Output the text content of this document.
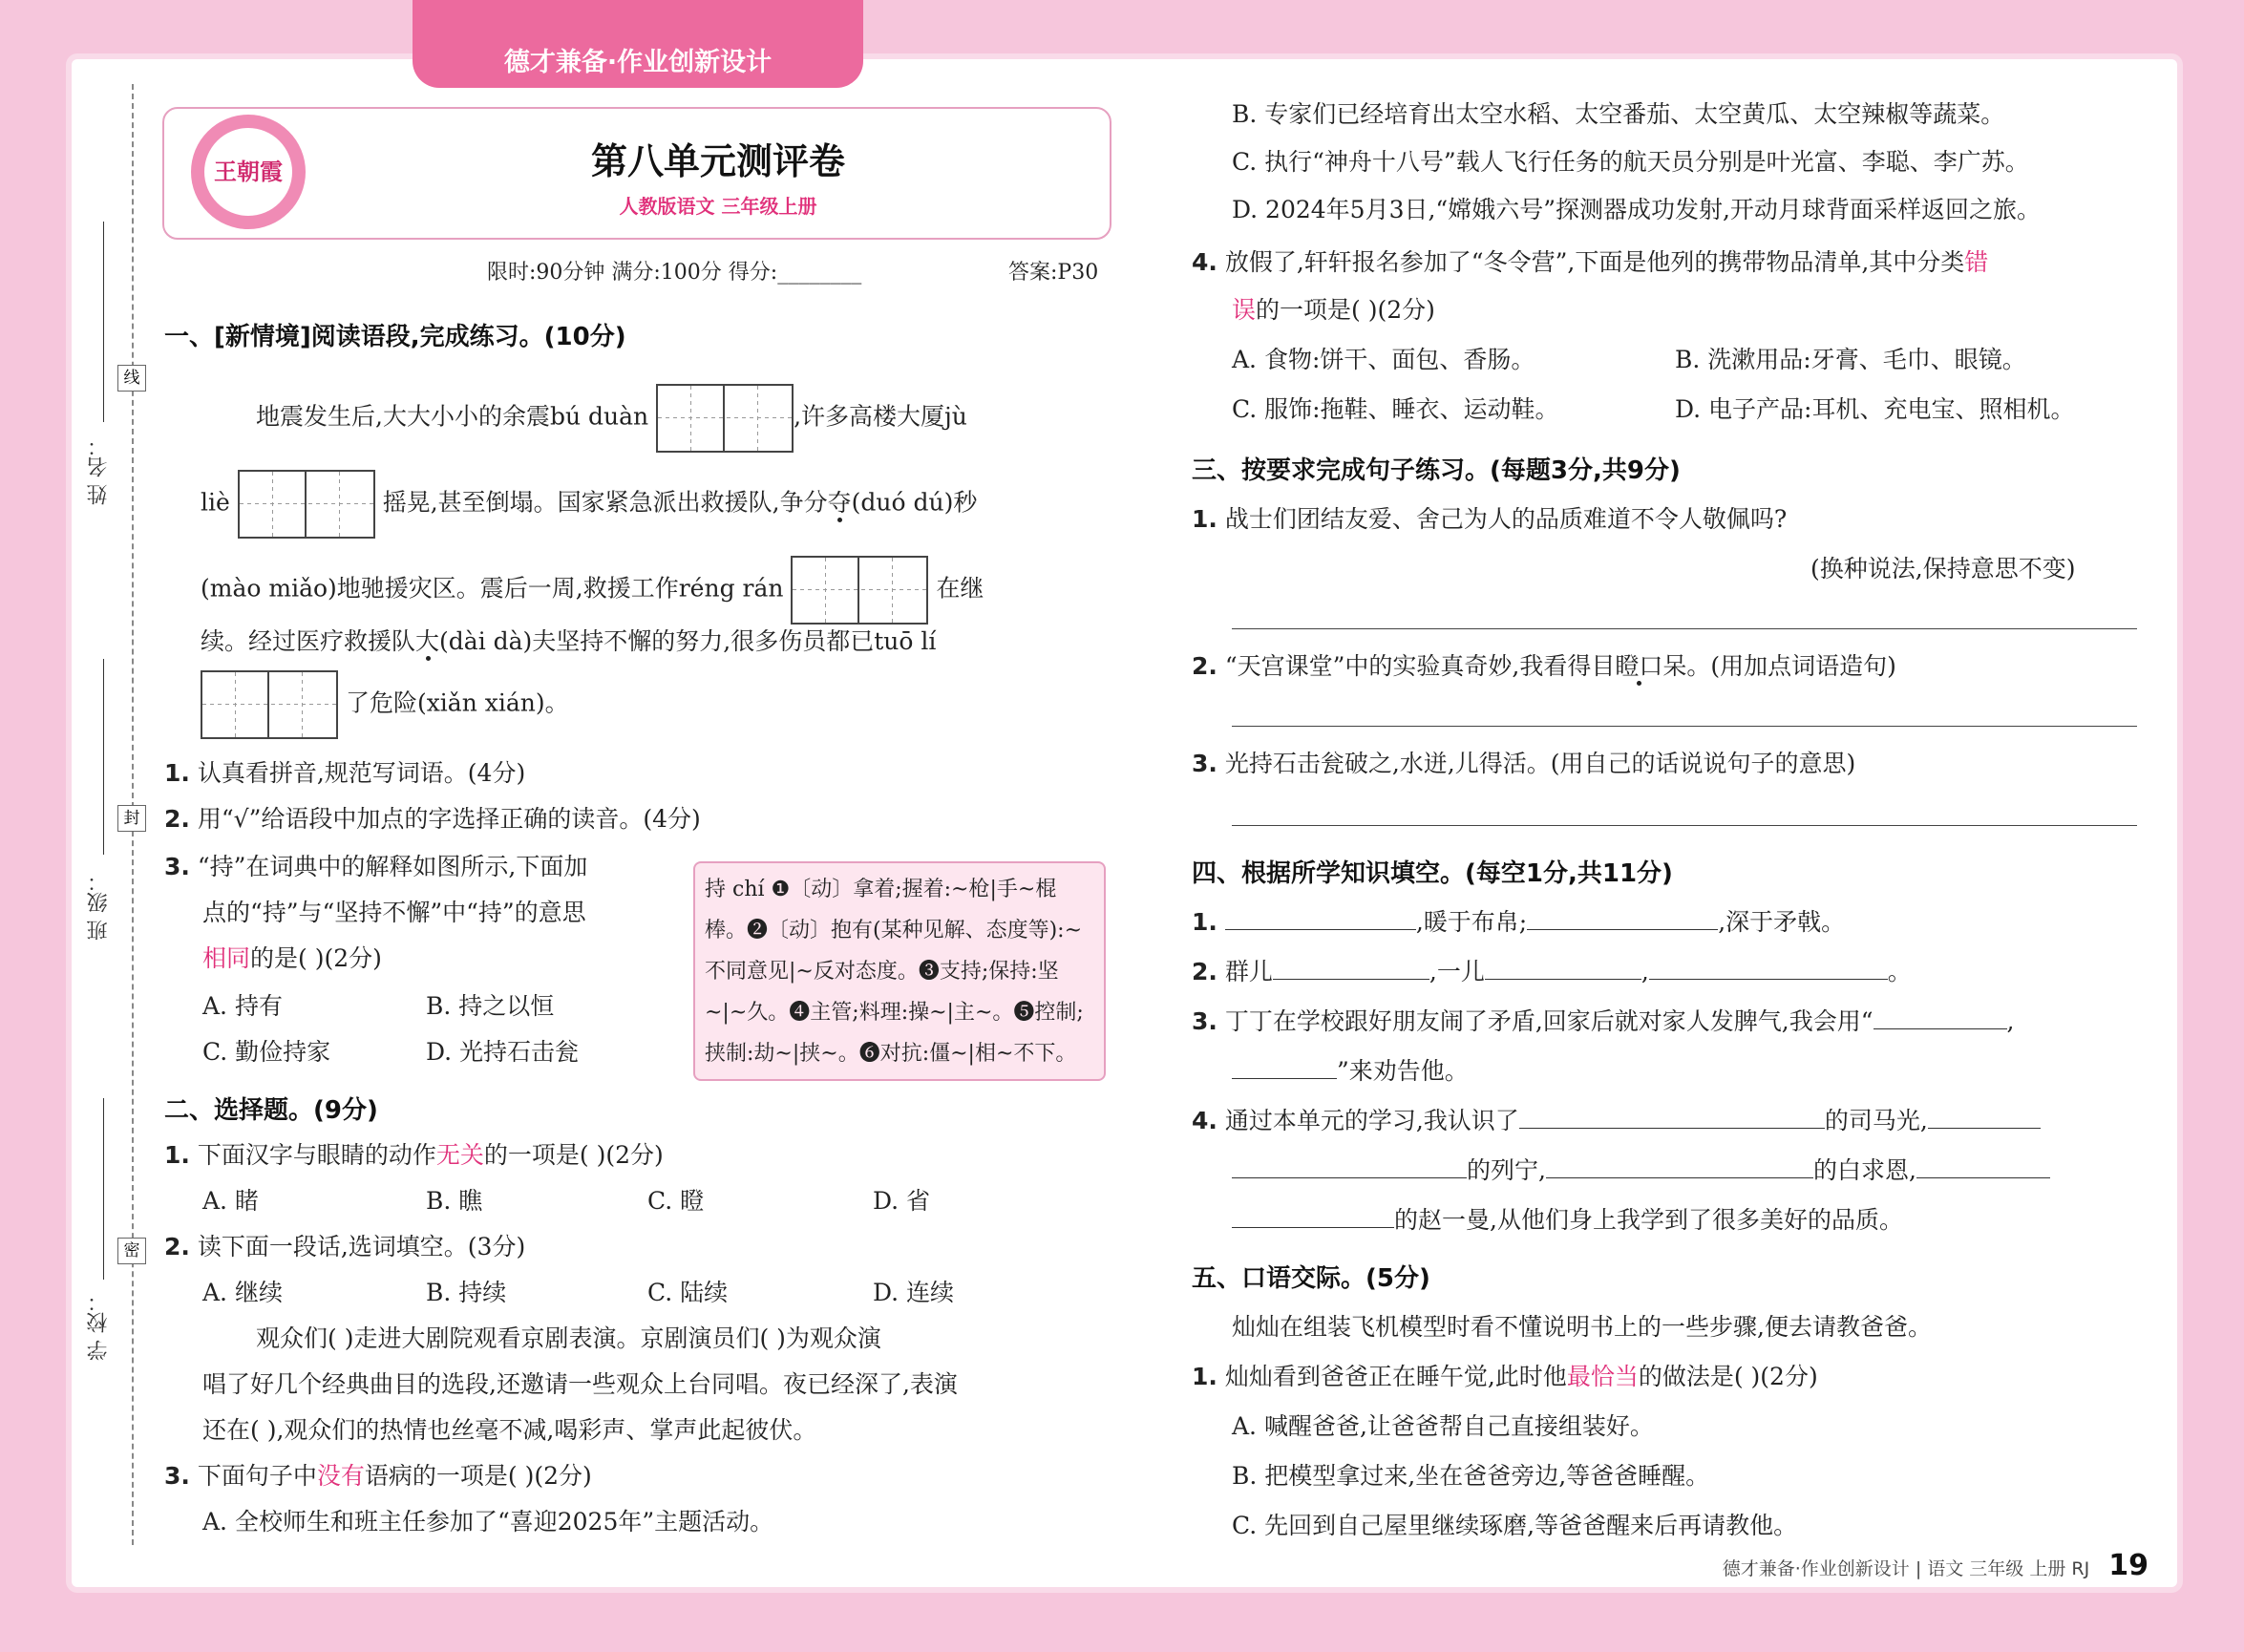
德才兼备·作业创新设计
线
封
密
姓 名：
班 级：
学 校：
王朝霞	第八单元测评卷
人教版语文 三年级上册
限时:90分钟 满分:100分 得分:________	答案:P30
一、[新情境]阅读语段,完成练习。(10分)
地震发生后,大大小小的余震bú duàn	,许多高楼大厦jù
liè	摇晃,甚至倒塌。国家紧急派出救援队,争分夺(duó dú)秒
(mào miǎo)地驰援灾区。震后一周,救援工作réng rán	在继
续。经过医疗救援队大(dài dà)夫坚持不懈的努力,很多伤员都已tuō lí
了危险(xiǎn xián)。
1. 认真看拼音,规范写词语。(4分)
2. 用“√”给语段中加点的字选择正确的读音。(4分)
3. “持”在词典中的解释如图所示,下面加
点的“持”与“坚持不懈”中“持”的意思
相同的是( )(2分)
A. 持有	B. 持之以恒
C. 勤俭持家	D. 光持石击瓮
持 chí ❶〔动〕拿着;握着:~枪|手~棍棒。❷〔动〕抱有(某种见解、态度等):~不同意见|~反对态度。❸支持;保持:坚~|~久。❹主管;料理:操~|主~。❺控制;挟制:劫~|挟~。❻对抗:僵~|相~不下。
二、选择题。(9分)
1. 下面汉字与眼睛的动作无关的一项是( )(2分)
A. 睹	B. 瞧	C. 瞪	D. 省
2. 读下面一段话,选词填空。(3分)
A. 继续	B. 持续	C. 陆续	D. 连续
观众们( )走进大剧院观看京剧表演。京剧演员们( )为观众演
唱了好几个经典曲目的选段,还邀请一些观众上台同唱。夜已经深了,表演
还在( ),观众们的热情也丝毫不减,喝彩声、掌声此起彼伏。
3. 下面句子中没有语病的一项是( )(2分)
A. 全校师生和班主任参加了“喜迎2025年”主题活动。
B. 专家们已经培育出太空水稻、太空番茄、太空黄瓜、太空辣椒等蔬菜。
C. 执行“神舟十八号”载人飞行任务的航天员分别是叶光富、李聪、李广苏。
D. 2024年5月3日,“嫦娥六号”探测器成功发射,开动月球背面采样返回之旅。
4. 放假了,轩轩报名参加了“冬令营”,下面是他列的携带物品清单,其中分类错
误的一项是( )(2分)
A. 食物:饼干、面包、香肠。	B. 洗漱用品:牙膏、毛巾、眼镜。
C. 服饰:拖鞋、睡衣、运动鞋。	D. 电子产品:耳机、充电宝、照相机。
三、按要求完成句子练习。(每题3分,共9分)
1. 战士们团结友爱、舍己为人的品质难道不令人敬佩吗?
(换种说法,保持意思不变)
2. “天宫课堂”中的实验真奇妙,我看得目瞪口呆。(用加点词语造句)
3. 光持石击瓮破之,水迸,儿得活。(用自己的话说说句子的意思)
四、根据所学知识填空。(每空1分,共11分)
1.	,暖于布帛;	,深于矛戟。
2. 群儿	,一儿	,	。
3. 丁丁在学校跟好朋友闹了矛盾,回家后就对家人发脾气,我会用“	,
”来劝告他。
4. 通过本单元的学习,我认识了	的司马光,
的列宁,	的白求恩,
的赵一曼,从他们身上我学到了很多美好的品质。
五、口语交际。(5分)
灿灿在组装飞机模型时看不懂说明书上的一些步骤,便去请教爸爸。
1. 灿灿看到爸爸正在睡午觉,此时他最恰当的做法是( )(2分)
A. 喊醒爸爸,让爸爸帮自己直接组装好。
B. 把模型拿过来,坐在爸爸旁边,等爸爸睡醒。
C. 先回到自己屋里继续琢磨,等爸爸醒来后再请教他。
德才兼备·作业创新设计 | 语文 三年级 上册 RJ 19
